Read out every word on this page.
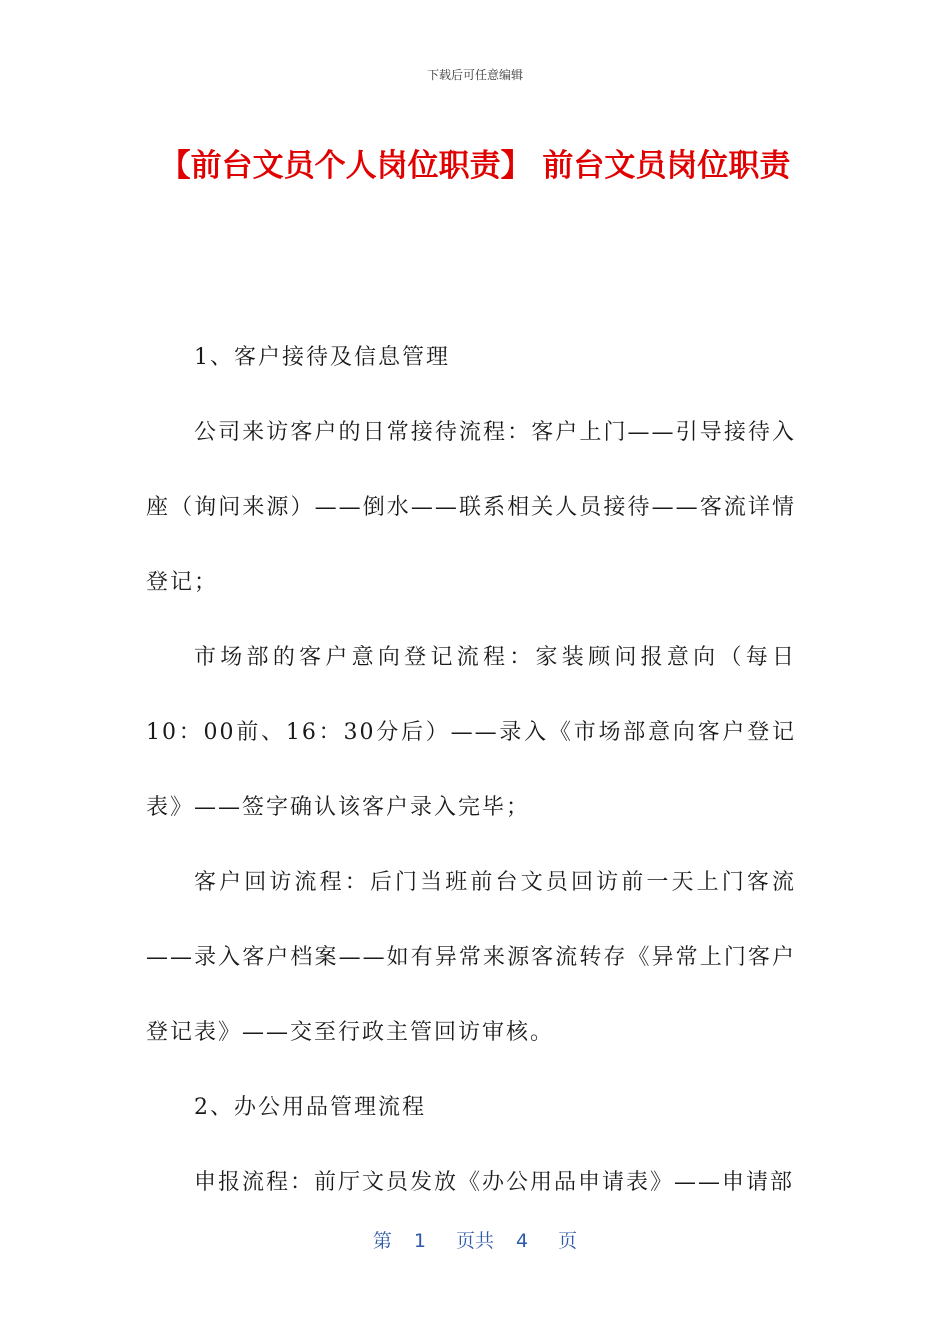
下载后可任意编辑
【前台文员个人岗位职责】 前台文员岗位职责

1、客户接待及信息管理

公司来访客户的日常接待流程：客户上门——引导接待入座（询问来源）——倒水——联系相关人员接待——客流详情登记；

市场部的客户意向登记流程：家装顾问报意向（每日10：00前、16：30分后）——录入《市场部意向客户登记表》——签字确认该客户录入完毕；

客户回访流程：后门当班前台文员回访前一天上门客流——录入客户档案——如有异常来源客流转存《异常上门客户登记表》——交至行政主管回访审核。

2、办公用品管理流程

申报流程：前厅文员发放《办公用品申请表》——申请部

第 1 页共 4 页
